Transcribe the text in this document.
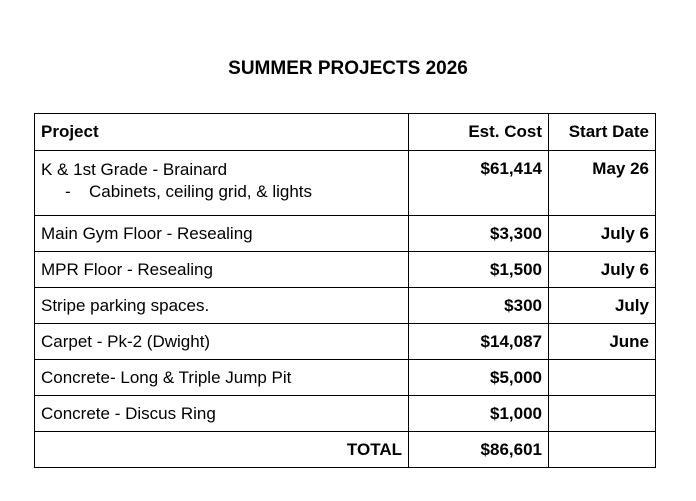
SUMMER PROJECTS 2026
Project	Est. Cost	Start Date

K & 1st Grade - Brainard
- Cabinets, ceiling grid, & lights	$61,414	May 26
Main Gym Floor - Resealing	$3,300	July 6
MPR Floor - Resealing	$1,500	July 6
Stripe parking spaces.	$300	July
Carpet - Pk-2 (Dwight)	$14,087	June
Concrete- Long & Triple Jump Pit	$5,000	
Concrete - Discus Ring	$1,000	
TOTAL	$86,601	
